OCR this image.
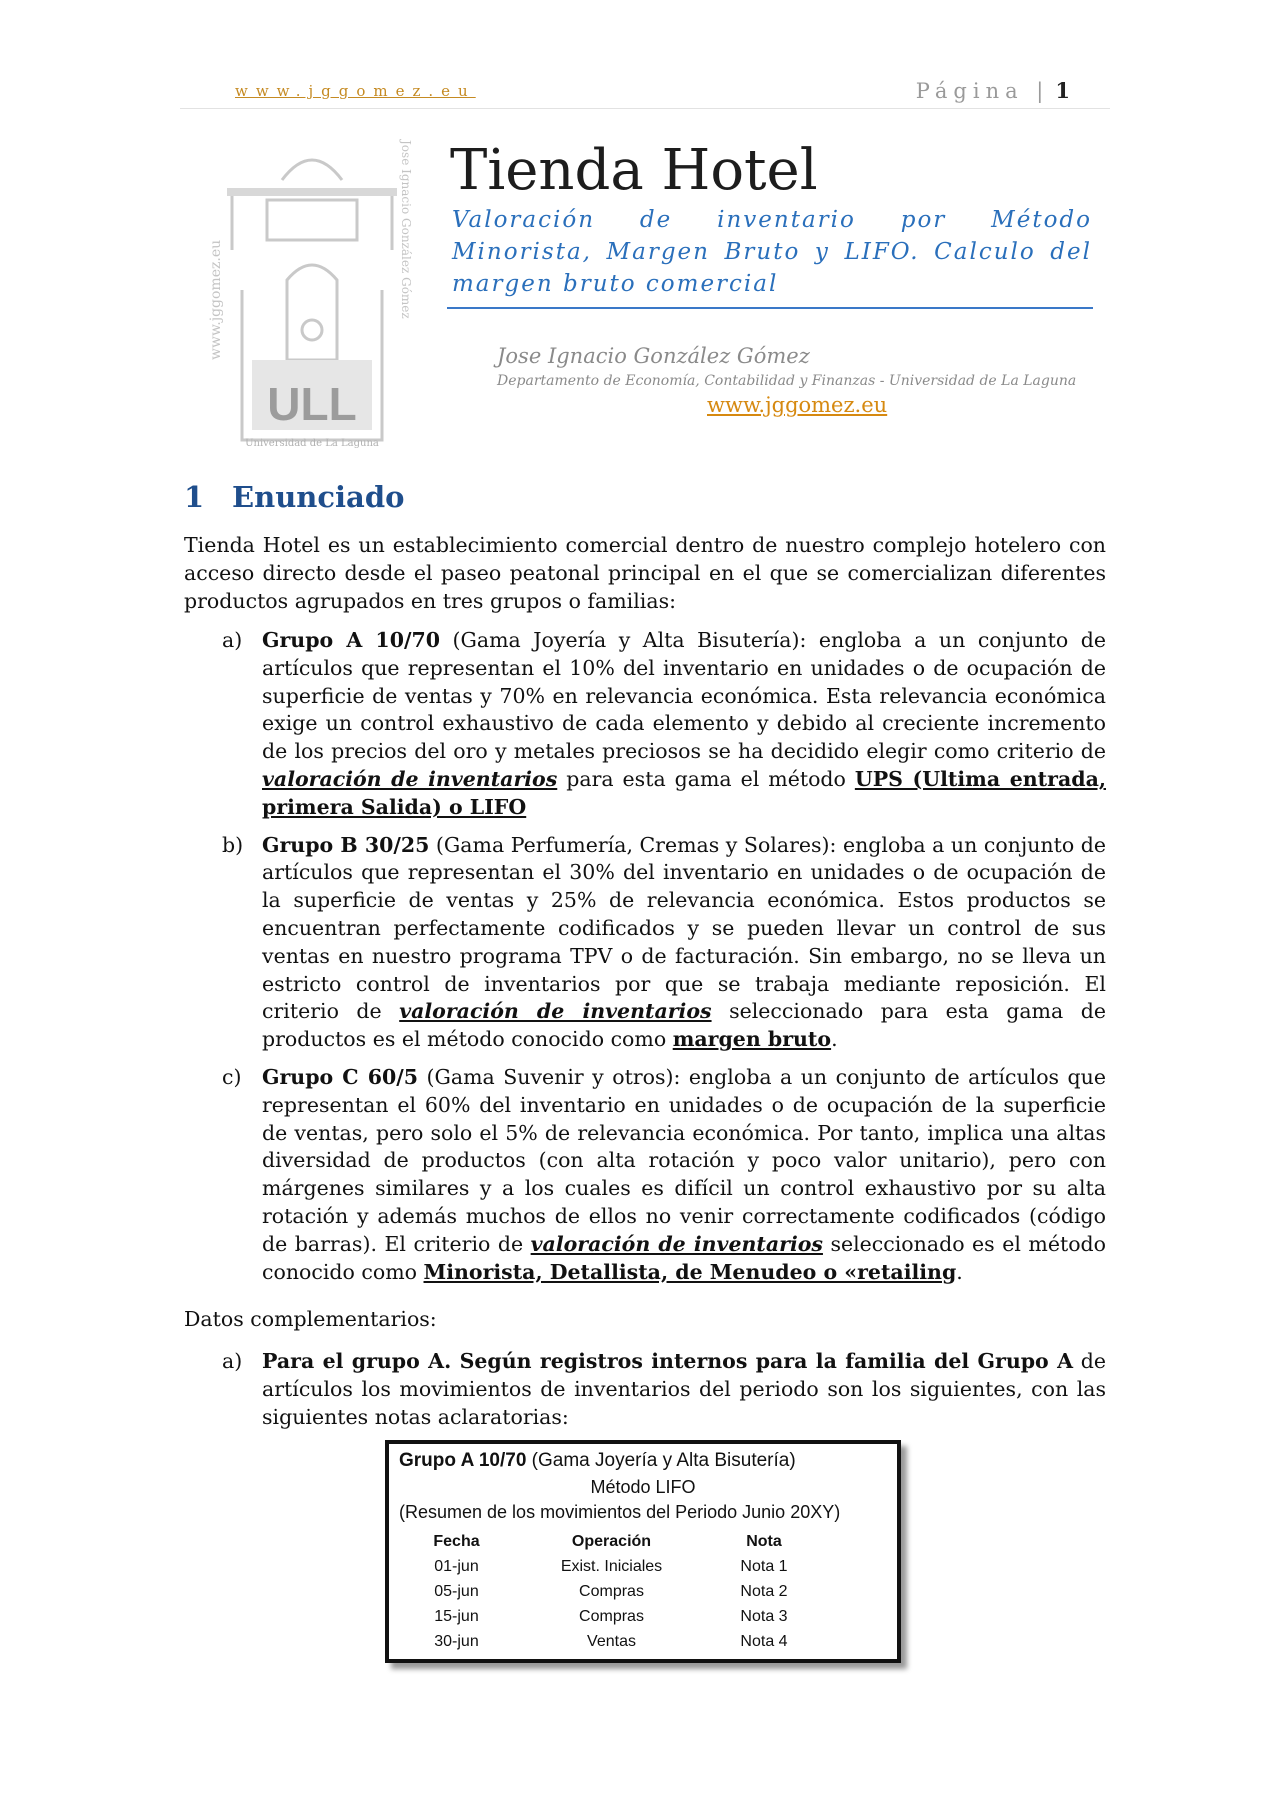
www.jggomez.eu	Página | 1
ULL
www.jggomez.eu	Jose Ignacio González Gómez
Universidad de La Laguna
Tienda Hotel
Valoración de inventario por Método Minorista, Margen Bruto y LIFO. Calculo del margen bruto comercial
Jose Ignacio González Gómez
Departamento de Economía, Contabilidad y Finanzas - Universidad de La Laguna
www.jggomez.eu
1 Enunciado
Tienda Hotel es un establecimiento comercial dentro de nuestro complejo hotelero con acceso directo desde el paseo peatonal principal en el que se comercializan diferentes productos agrupados en tres grupos o familias:
a) Grupo A 10/70 (Gama Joyería y Alta Bisutería): engloba a un conjunto de artículos que representan el 10% del inventario en unidades o de ocupación de superficie de ventas y 70% en relevancia económica. Esta relevancia económica exige un control exhaustivo de cada elemento y debido al creciente incremento de los precios del oro y metales preciosos se ha decidido elegir como criterio de valoración de inventarios para esta gama el método UPS (Ultima entrada, primera Salida) o LIFO
b) Grupo B 30/25 (Gama Perfumería, Cremas y Solares): engloba a un conjunto de artículos que representan el 30% del inventario en unidades o de ocupación de la superficie de ventas y 25% de relevancia económica. Estos productos se encuentran perfectamente codificados y se pueden llevar un control de sus ventas en nuestro programa TPV o de facturación. Sin embargo, no se lleva un estricto control de inventarios por que se trabaja mediante reposición. El criterio de valoración de inventarios seleccionado para esta gama de productos es el método conocido como margen bruto.
c) Grupo C 60/5 (Gama Suvenir y otros): engloba a un conjunto de artículos que representan el 60% del inventario en unidades o de ocupación de la superficie de ventas, pero solo el 5% de relevancia económica. Por tanto, implica una altas diversidad de productos (con alta rotación y poco valor unitario), pero con márgenes similares y a los cuales es difícil un control exhaustivo por su alta rotación y además muchos de ellos no venir correctamente codificados (código de barras). El criterio de valoración de inventarios seleccionado es el método conocido como Minorista, Detallista, de Menudeo o «retailing.
Datos complementarios:
a) Para el grupo A. Según registros internos para la familia del Grupo A de artículos los movimientos de inventarios del periodo son los siguientes, con las siguientes notas aclaratorias:
Grupo A 10/70 (Gama Joyería y Alta Bisutería)
Método LIFO
(Resumen de los movimientos del Periodo Junio 20XY)
Fecha	Operación	Nota
01-jun	Exist. Iniciales	Nota 1
05-jun	Compras	Nota 2
15-jun	Compras	Nota 3
30-jun	Ventas	Nota 4
